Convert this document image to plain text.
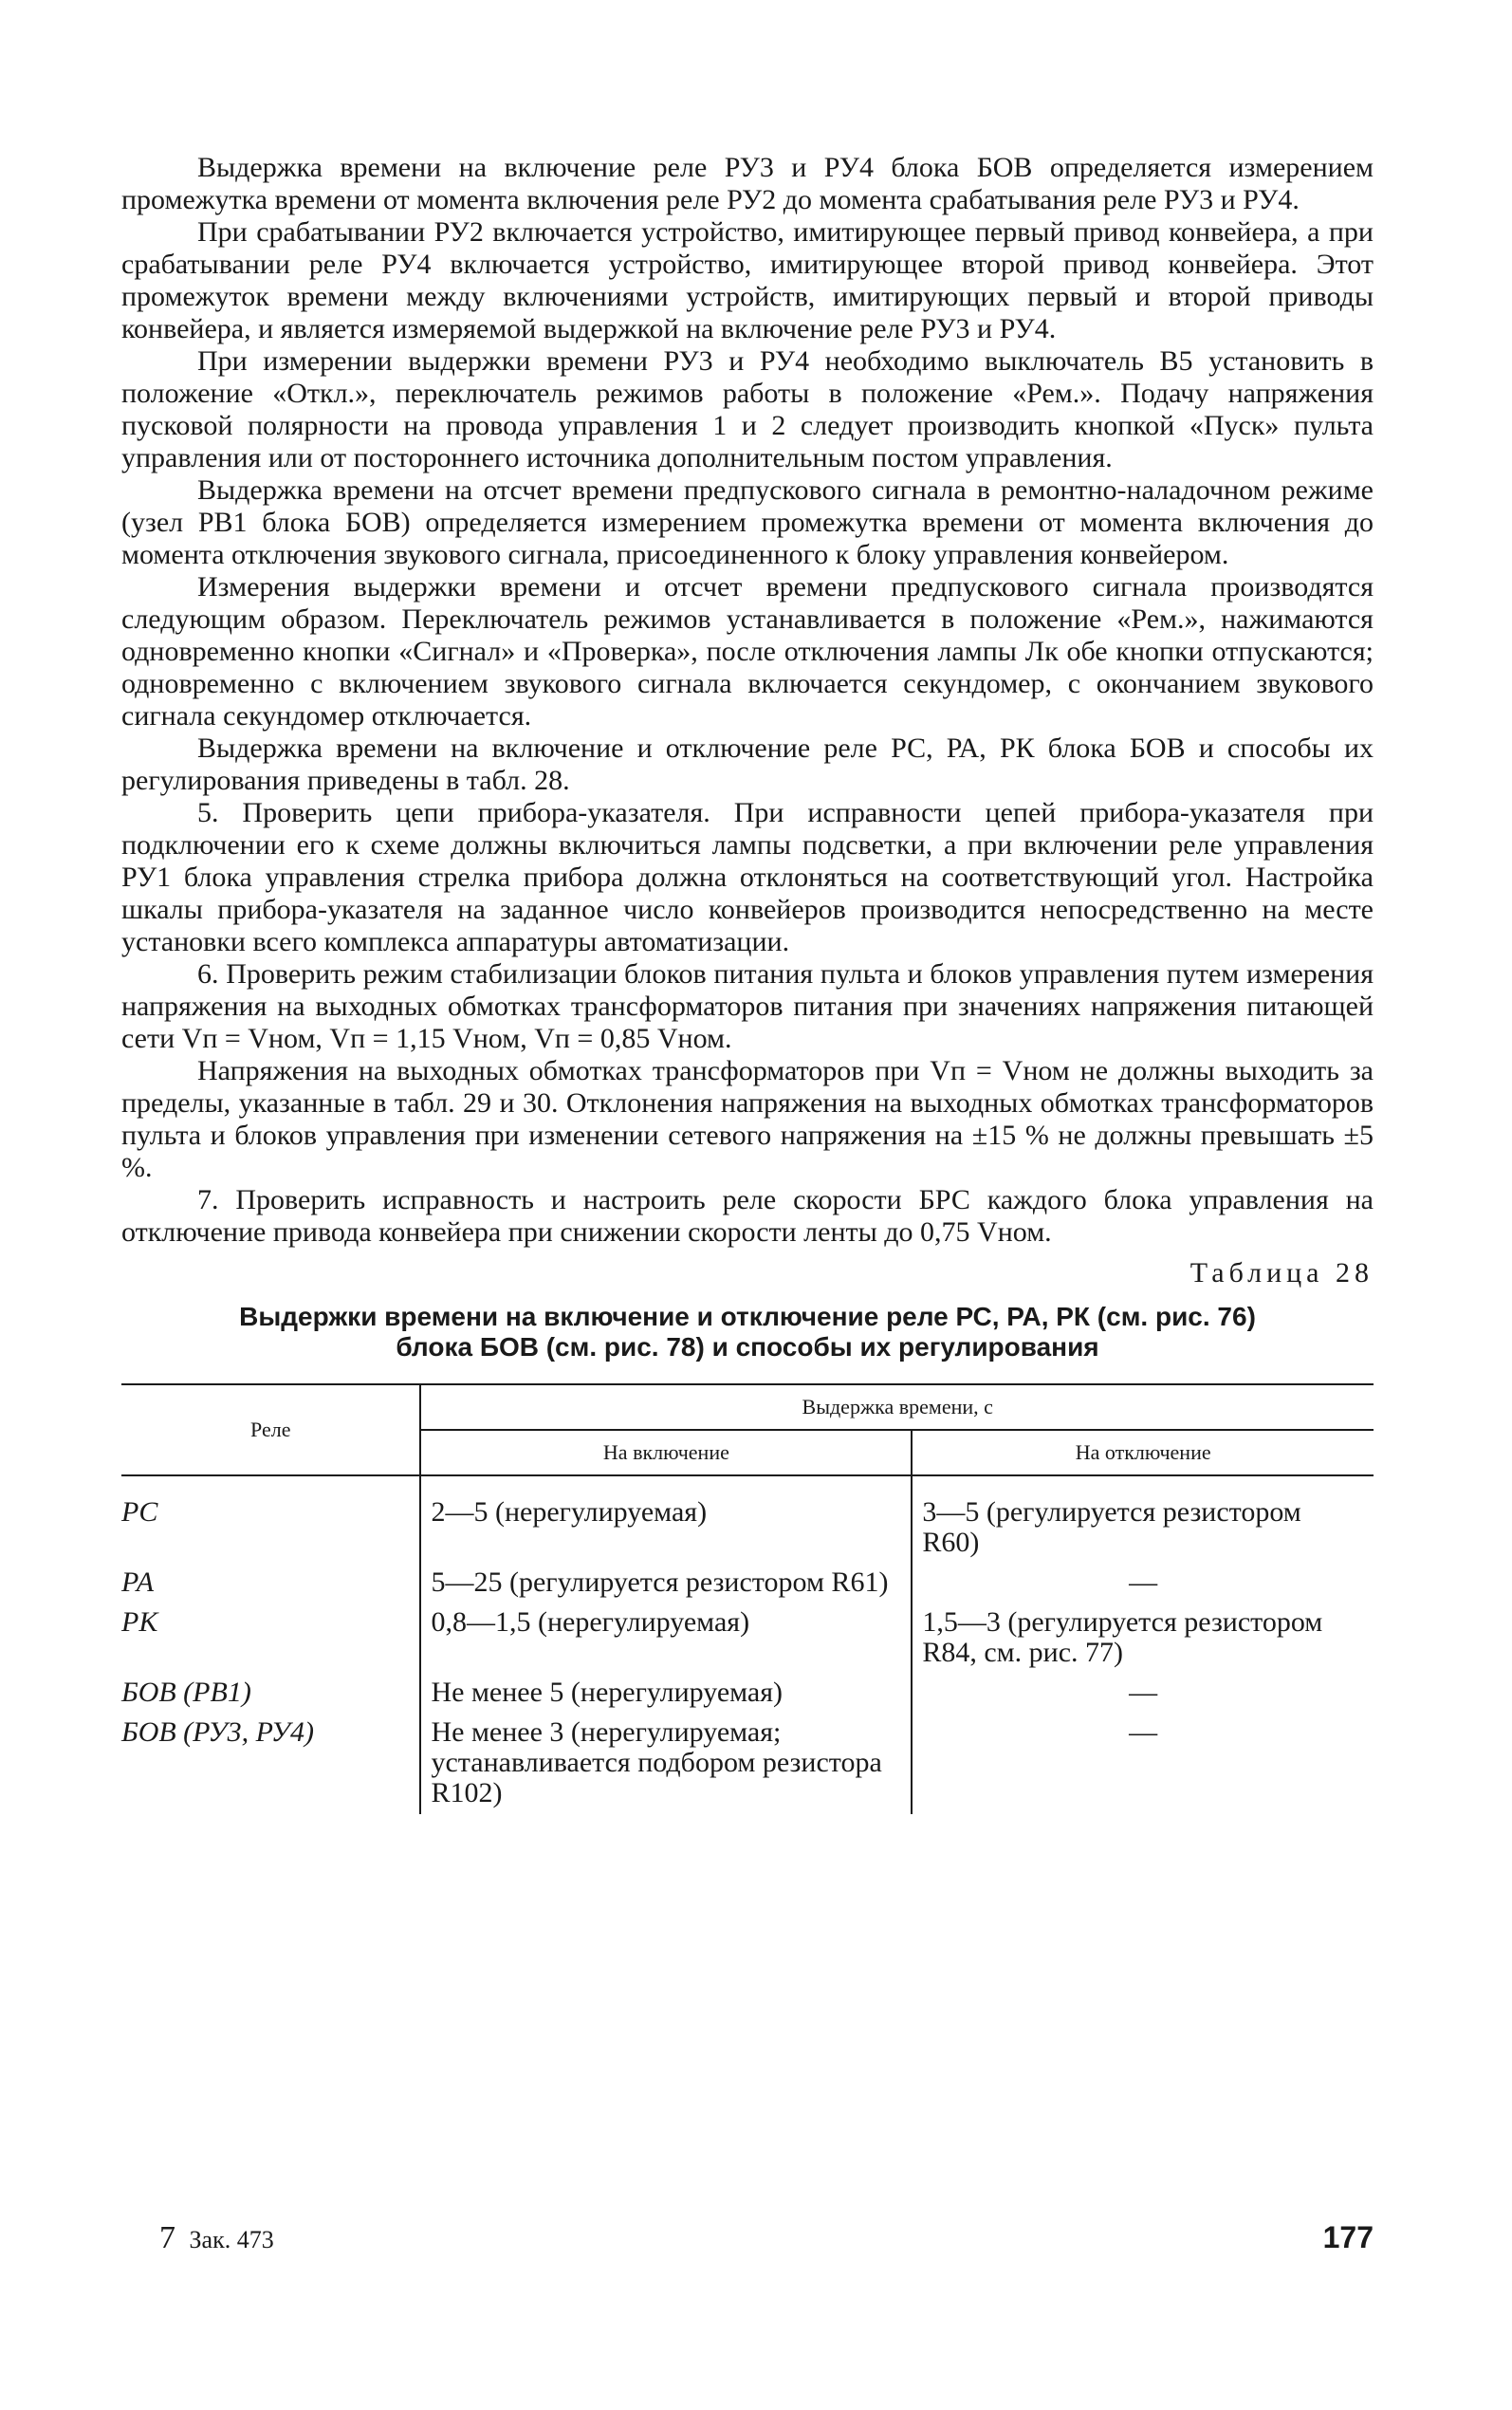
Выдержка времени на включение реле РУ3 и РУ4 блока БОВ определяется измерением промежутка времени от момента включения реле РУ2 до момента срабатывания реле РУ3 и РУ4.

При срабатывании РУ2 включается устройство, имитирующее первый привод конвейера, а при срабатывании реле РУ4 включается устройство, имитирующее второй привод конвейера. Этот промежуток времени между включениями устройств, имитирующих первый и второй приводы конвейера, и является измеряемой выдержкой на включение реле РУ3 и РУ4.

При измерении выдержки времени РУ3 и РУ4 необходимо выключатель В5 установить в положение «Откл.», переключатель режимов работы в положение «Рем.». Подачу напряжения пусковой полярности на провода управления 1 и 2 следует производить кнопкой «Пуск» пульта управления или от постороннего источника дополнительным постом управления.

Выдержка времени на отсчет времени предпускового сигнала в ремонтно-наладочном режиме (узел РВ1 блока БОВ) определяется измерением промежутка времени от момента включения до момента отключения звукового сигнала, присоединенного к блоку управления конвейером.

Измерения выдержки времени и отсчет времени предпускового сигнала производятся следующим образом. Переключатель режимов устанавливается в положение «Рем.», нажимаются одновременно кнопки «Сигнал» и «Проверка», после отключения лампы Лк обе кнопки отпускаются; одновременно с включением звукового сигнала включается секундомер, с окончанием звукового сигнала секундомер отключается.

Выдержка времени на включение и отключение реле РС, РА, РК блока БОВ и способы их регулирования приведены в табл. 28.

5. Проверить цепи прибора-указателя. При исправности цепей прибора-указателя при подключении его к схеме должны включиться лампы подсветки, а при включении реле управления РУ1 блока управления стрелка прибора должна отклоняться на соответствующий угол. Настройка шкалы прибора-указателя на заданное число конвейеров производится непосредственно на месте установки всего комплекса аппаратуры автоматизации.

6. Проверить режим стабилизации блоков питания пульта и блоков управления путем измерения напряжения на выходных обмотках трансформаторов питания при значениях напряжения питающей сети Vп = Vном, Vп = 1,15 Vном, Vп = 0,85 Vном.

Напряжения на выходных обмотках трансформаторов при Vп = Vном не должны выходить за пределы, указанные в табл. 29 и 30. Отклонения напряжения на выходных обмотках трансформаторов пульта и блоков управления при изменении сетевого напряжения на ±15 % не должны превышать ±5 %.

7. Проверить исправность и настроить реле скорости БРС каждого блока управления на отключение привода конвейера при снижении скорости ленты до 0,75 Vном.

Таблица 28
Выдержки времени на включение и отключение реле РС, РА, РК (см. рис. 76)
блока БОВ (см. рис. 78) и способы их регулирования
Реле	Выдержка времени, с	
	На включение	На отключение
РС	2—5 (нерегулируемая)	3—5 (регулируется резистором R60)
РА	5—25 (регулируется резистором R61)	—
РК	0,8—1,5 (нерегулируемая)	1,5—3 (регулируется резистором R84, см. рис. 77)
БОВ (РВ1)	Не менее 5 (нерегулируемая)	—
БОВ (РУ3, РУ4)	Не менее 3 (нерегулируемая; устанавливается подбором резистора R102)	—
7 Зак. 473	177
